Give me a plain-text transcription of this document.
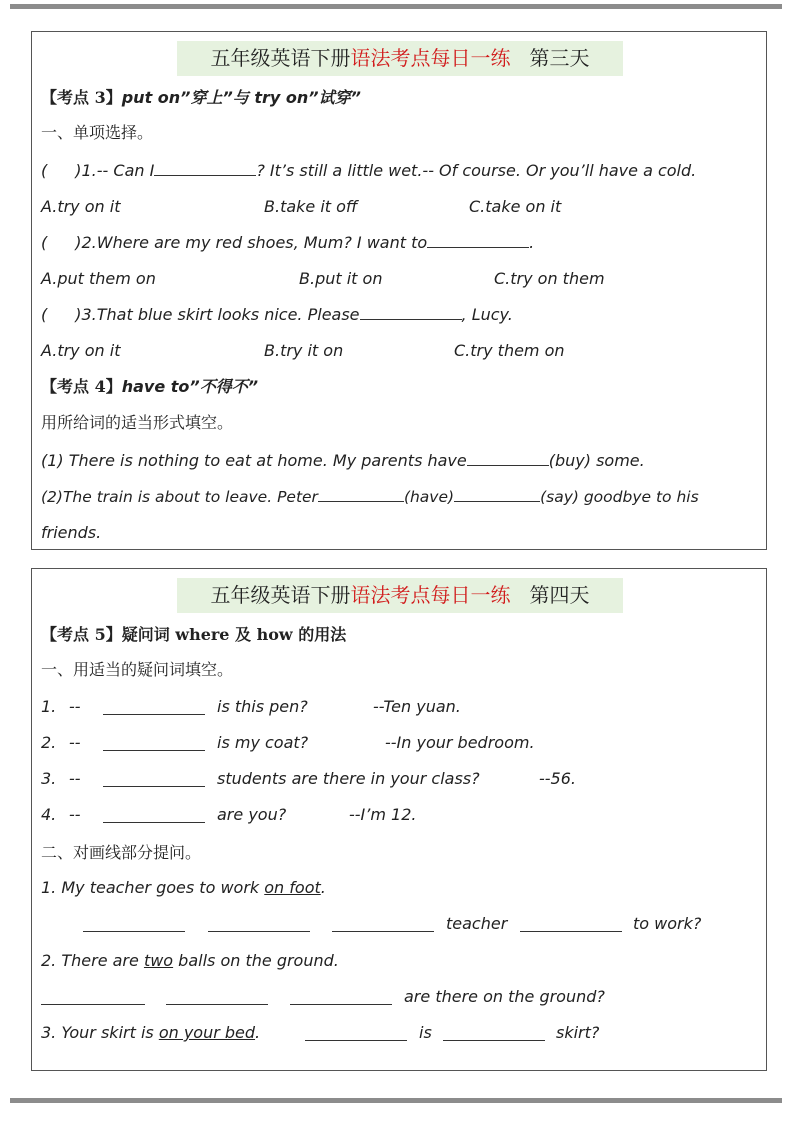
五年级英语下册语法考点每日一练 第三天
【考点 3】put on”穿上”与 try on”试穿”
一、单项选择。
( )1.-- Can I	? It’s still a little wet.-- Of course. Or you’ll have a cold.
A.try on it	B.take it off	C.take on it
( )2.Where are my red shoes, Mum? I want to	.
A.put them on	B.put it on	C.try on them
( )3.That blue skirt looks nice. Please	, Lucy.
A.try on it	B.try it on	C.try them on
【考点 4】have to”不得不”
用所给词的适当形式填空。
(1) There is nothing to eat at home. My parents have	(buy) some.
(2)The train is about to leave. Peter	(have)	(say) goodbye to his
friends.
五年级英语下册语法考点每日一练 第四天
【考点 5】疑问词 where 及 how 的用法
一、用适当的疑问词填空。
1. --	is this pen?	--Ten yuan.
2. --	is my coat?	--In your bedroom.
3. --	students are there in your class?	--56.
4. --	are you?	--I’m 12.
二、对画线部分提问。
1. My teacher goes to work on foot.
teacher	to work?
2. There are two balls on the ground.
are there on the ground?
3. Your skirt is on your bed.	is	skirt?
